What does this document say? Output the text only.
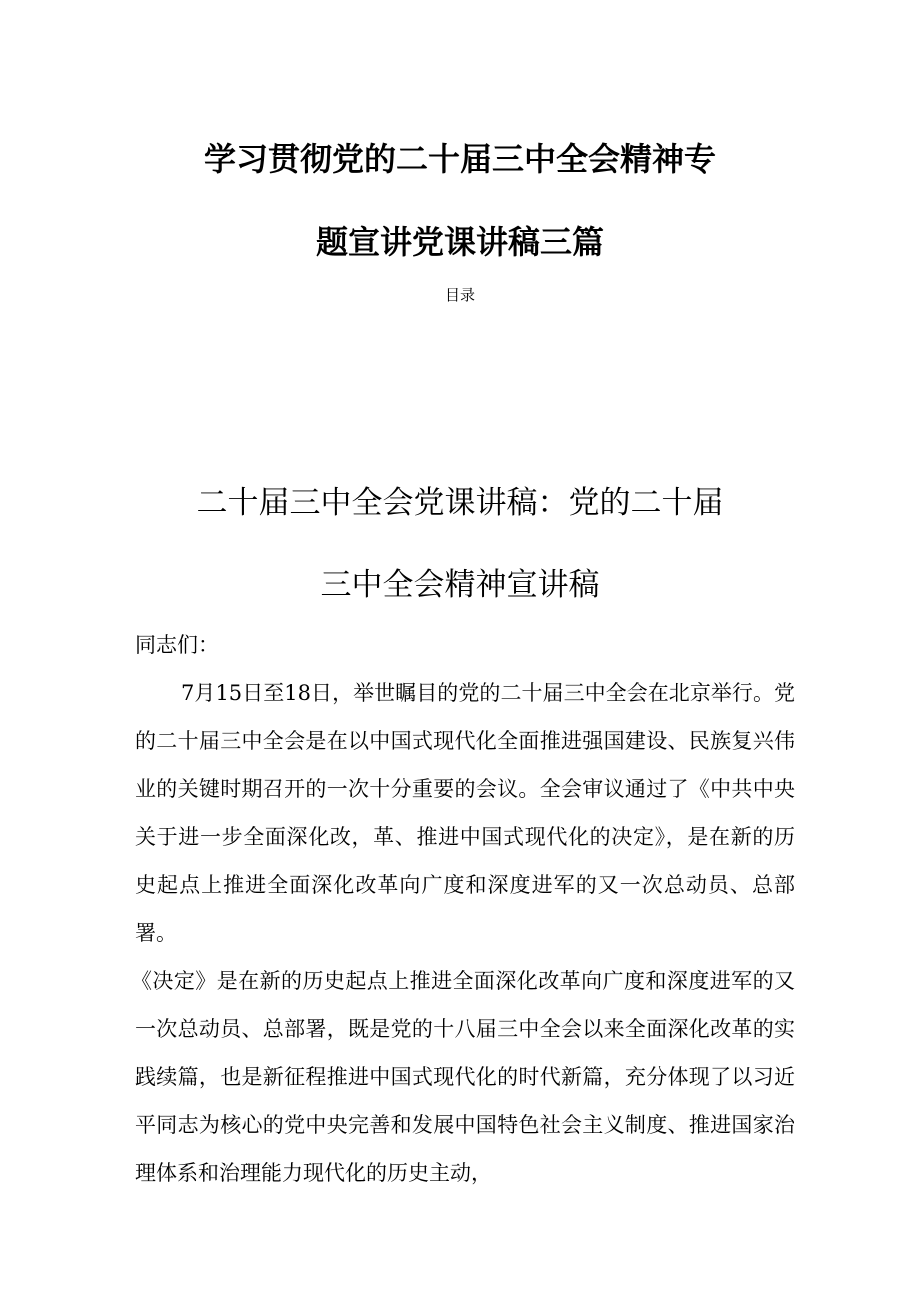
学习贯彻党的二十届三中全会精神专
题宣讲党课讲稿三篇
目录
二十届三中全会党课讲稿：党的二十届
三中全会精神宣讲稿
同志们：
7月15日至18日，举世瞩目的党的二十届三中全会在北京举行。党的二十届三中全会是在以中国式现代化全面推进强国建设、民族复兴伟业的关键时期召开的一次十分重要的会议。全会审议通过了《中共中央关于进一步全面深化改，革、推进中国式现代化的决定》，是在新的历史起点上推进全面深化改革向广度和深度进军的又一次总动员、总部署。
《决定》是在新的历史起点上推进全面深化改革向广度和深度进军的又一次总动员、总部署，既是党的十八届三中全会以来全面深化改革的实践续篇，也是新征程推进中国式现代化的时代新篇，充分体现了以习近平同志为核心的党中央完善和发展中国特色社会主义制度、推进国家治理体系和治理能力现代化的历史主动，
